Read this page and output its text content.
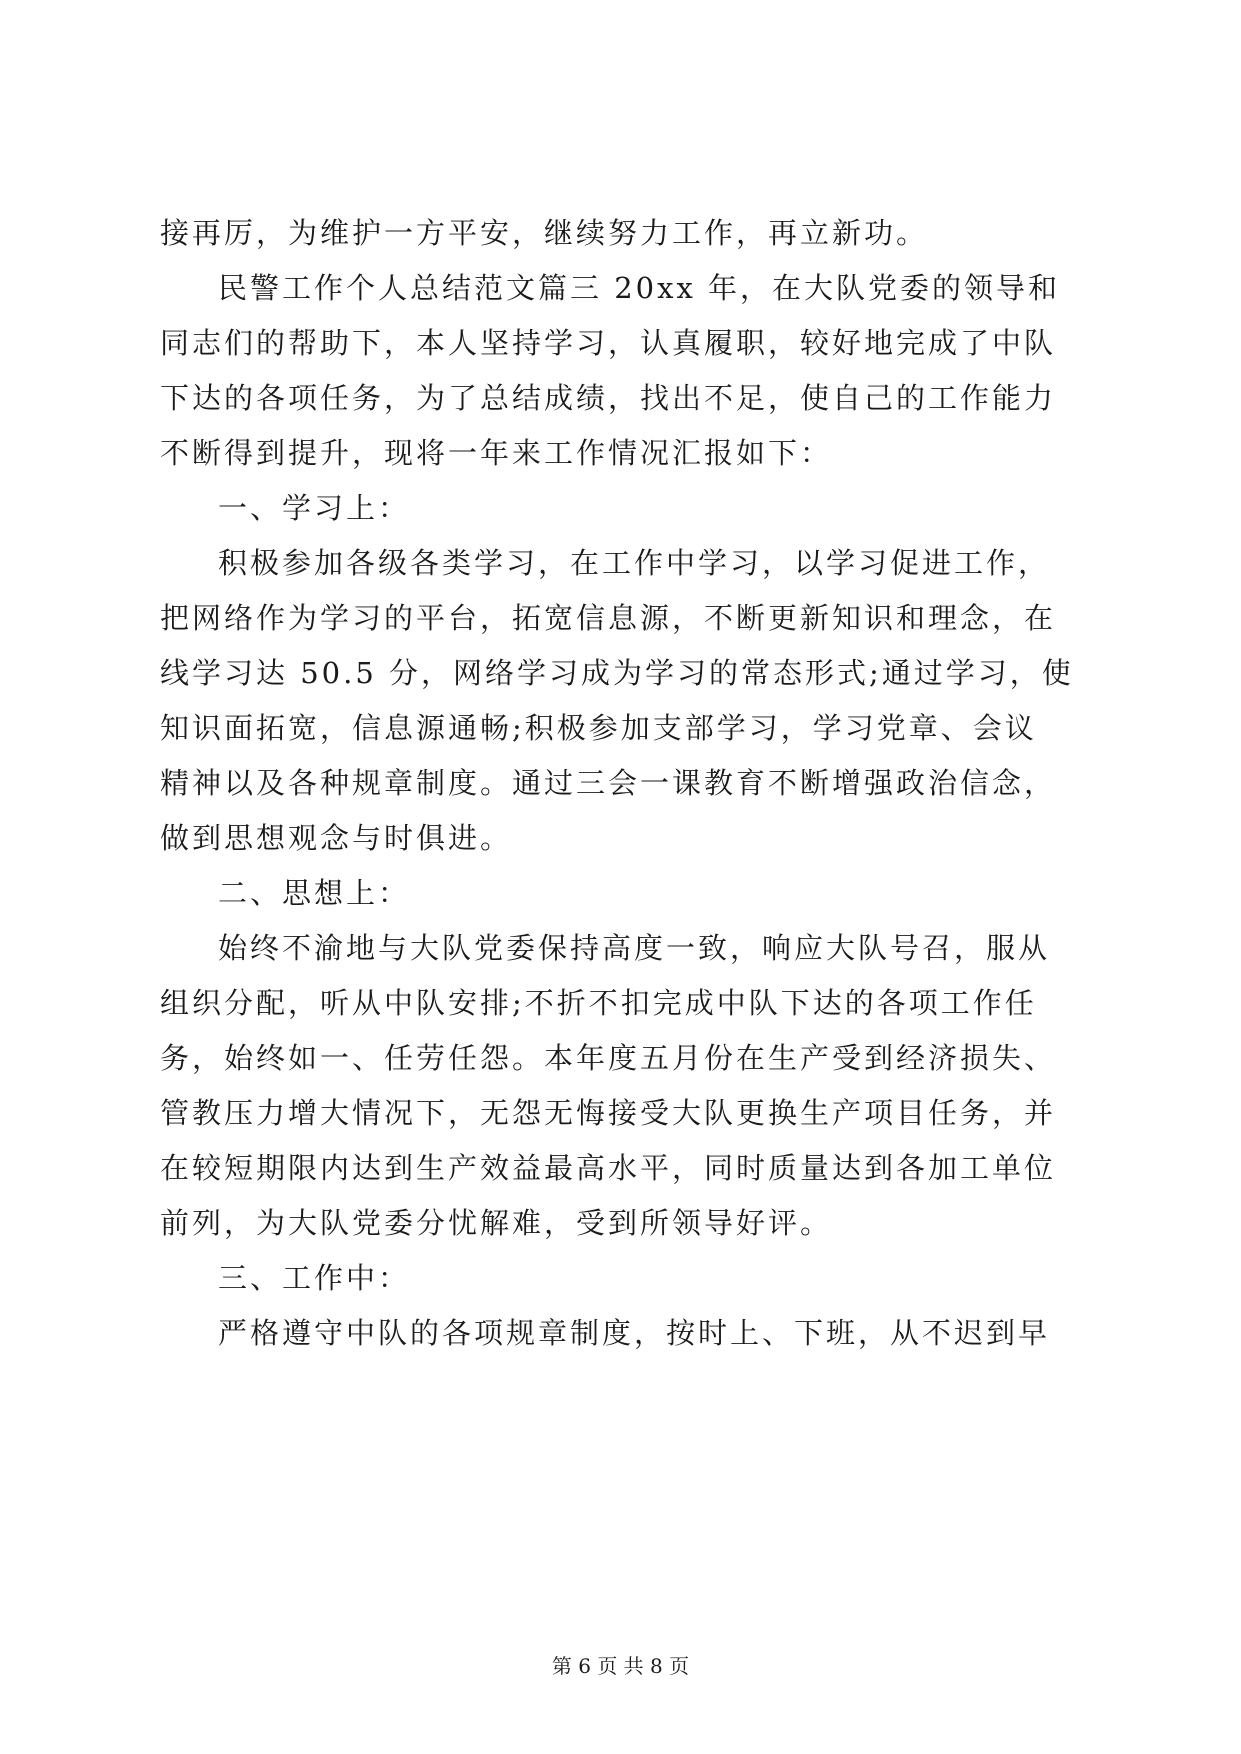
接再厉，为维护一方平安，继续努力工作，再立新功。
民警工作个人总结范文篇三 20xx 年，在大队党委的领导和
同志们的帮助下，本人坚持学习，认真履职，较好地完成了中队
下达的各项任务，为了总结成绩，找出不足，使自己的工作能力
不断得到提升，现将一年来工作情况汇报如下：
一、学习上：
积极参加各级各类学习，在工作中学习，以学习促进工作，
把网络作为学习的平台，拓宽信息源，不断更新知识和理念，在
线学习达 50.5 分，网络学习成为学习的常态形式;通过学习，使
知识面拓宽，信息源通畅;积极参加支部学习，学习党章、会议
精神以及各种规章制度。通过三会一课教育不断增强政治信念，
做到思想观念与时俱进。
二、思想上：
始终不渝地与大队党委保持高度一致，响应大队号召，服从
组织分配，听从中队安排;不折不扣完成中队下达的各项工作任
务，始终如一、任劳任怨。本年度五月份在生产受到经济损失、
管教压力增大情况下，无怨无悔接受大队更换生产项目任务，并
在较短期限内达到生产效益最高水平，同时质量达到各加工单位
前列，为大队党委分忧解难，受到所领导好评。
三、工作中：
严格遵守中队的各项规章制度，按时上、下班，从不迟到早
第 6 页 共 8 页
